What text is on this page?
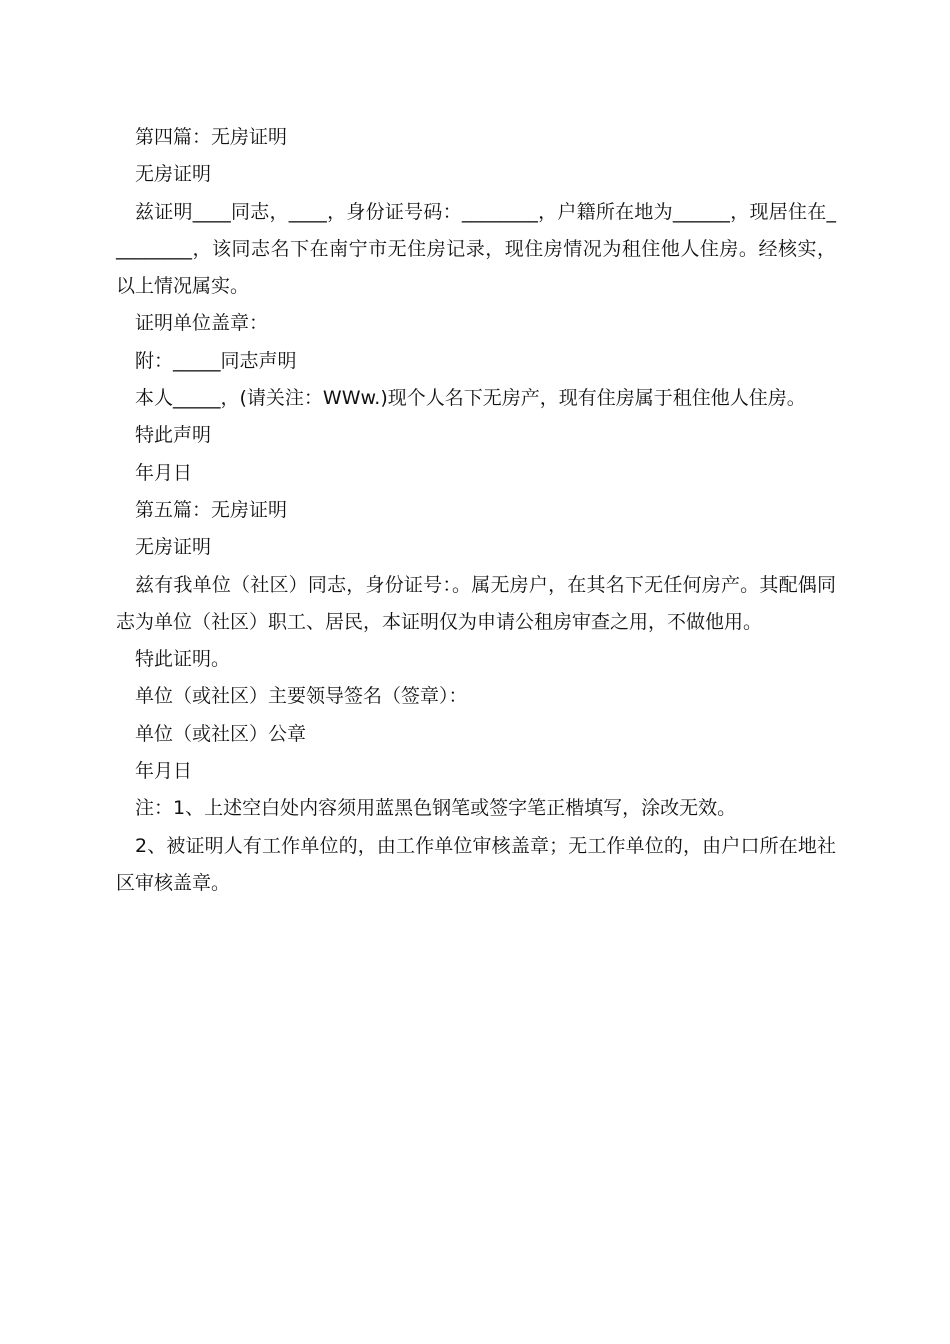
第四篇：无房证明

无房证明

兹证明____同志，____，身份证号码：________，户籍所在地为______，现居住在_________，该同志名下在南宁市无住房记录，现住房情况为租住他人住房。经核实，以上情况属实。

证明单位盖章：

附：_____同志声明

本人_____，(请关注：WWw.)现个人名下无房产，现有住房属于租住他人住房。

特此声明

年月日

第五篇：无房证明

无房证明

兹有我单位（社区）同志，身份证号：。属无房户，在其名下无任何房产。其配偶同志为单位（社区）职工、居民，本证明仅为申请公租房审查之用，不做他用。

特此证明。

单位（或社区）主要领导签名（签章）：

单位（或社区）公章

年月日

注：1、上述空白处内容须用蓝黑色钢笔或签字笔正楷填写，涂改无效。

2、被证明人有工作单位的，由工作单位审核盖章；无工作单位的，由户口所在地社区审核盖章。
